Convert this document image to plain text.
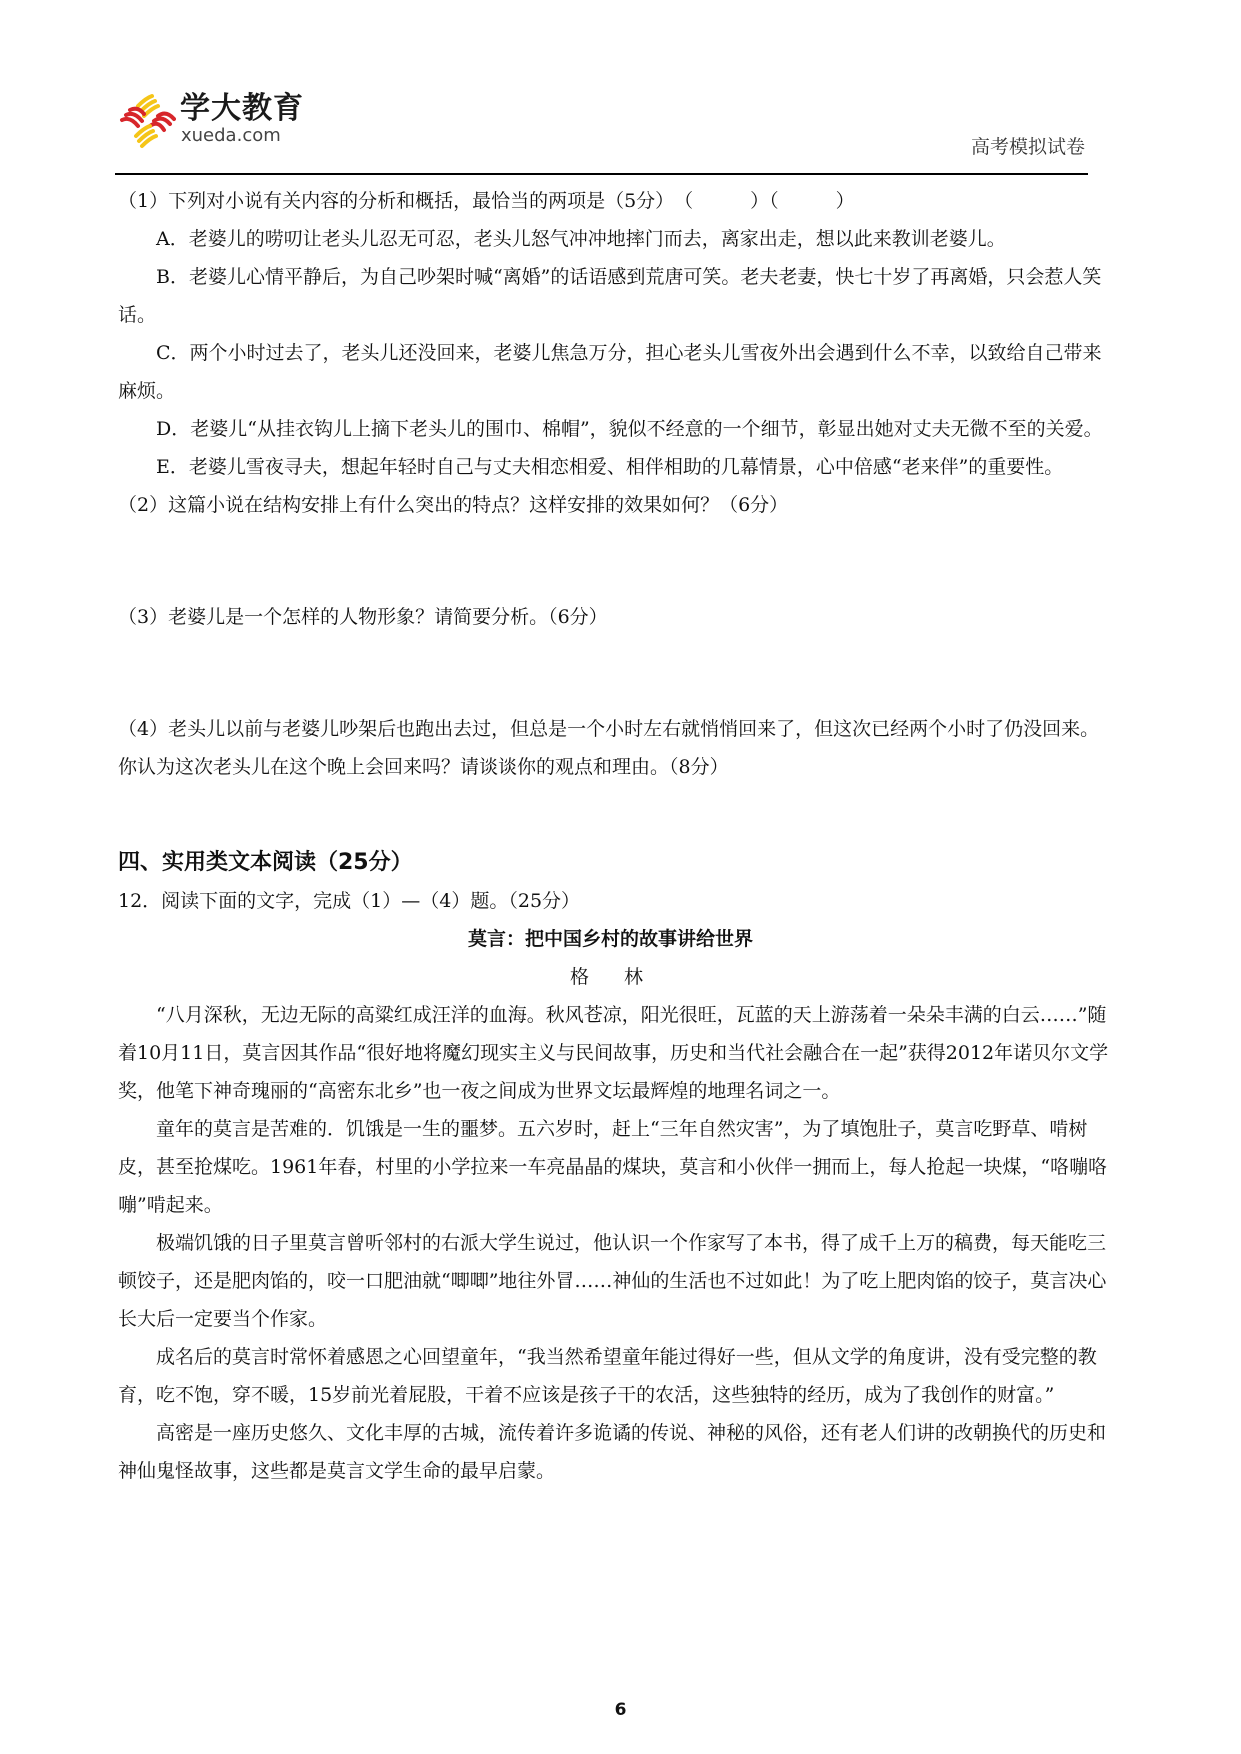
学大教育
xueda.com
高考模拟试卷

（1）下列对小说有关内容的分析和概括，最恰当的两项是（5分）　（　　　）（　　　）

A．老婆儿的唠叨让老头儿忍无可忍，老头儿怒气冲冲地摔门而去，离家出走，想以此来教训老婆儿。

B．老婆儿心情平静后，为自己吵架时喊“离婚”的话语感到荒唐可笑。老夫老妻，快七十岁了再离婚，只会惹人笑话。

C．两个小时过去了，老头儿还没回来，老婆儿焦急万分，担心老头儿雪夜外出会遇到什么不幸，以致给自己带来麻烦。

D．老婆儿“从挂衣钩儿上摘下老头儿的围巾、棉帽”，貌似不经意的一个细节，彰显出她对丈夫无微不至的关爱。

E．老婆儿雪夜寻夫，想起年轻时自己与丈夫相恋相爱、相伴相助的几幕情景，心中倍感“老来伴”的重要性。

（2）这篇小说在结构安排上有什么突出的特点？这样安排的效果如何？（6分）

（3）老婆儿是一个怎样的人物形象？请简要分析。（6分）

（4）老头儿以前与老婆儿吵架后也跑出去过，但总是一个小时左右就悄悄回来了，但这次已经两个小时了仍没回来。你认为这次老头儿在这个晚上会回来吗？请谈谈你的观点和理由。（8分）

四、实用类文本阅读（25分）

12．阅读下面的文字，完成（1）—（4）题。（25分）

莫言：把中国乡村的故事讲给世界

格　林

“八月深秋，无边无际的高粱红成汪洋的血海。秋风苍凉，阳光很旺，瓦蓝的天上游荡着一朵朵丰满的白云……”随着10月11日，莫言因其作品“很好地将魔幻现实主义与民间故事，历史和当代社会融合在一起”获得2012年诺贝尔文学奖，他笔下神奇瑰丽的“高密东北乡”也一夜之间成为世界文坛最辉煌的地理名词之一。

童年的莫言是苦难的．饥饿是一生的噩梦。五六岁时，赶上“三年自然灾害”，为了填饱肚子，莫言吃野草、啃树皮，甚至抢煤吃。1961年春，村里的小学拉来一车亮晶晶的煤块，莫言和小伙伴一拥而上，每人抢起一块煤，“咯嘣咯嘣”啃起来。

极端饥饿的日子里莫言曾听邻村的右派大学生说过，他认识一个作家写了本书，得了成千上万的稿费，每天能吃三顿饺子，还是肥肉馅的，咬一口肥油就“唧唧”地往外冒……神仙的生活也不过如此！为了吃上肥肉馅的饺子，莫言决心长大后一定要当个作家。

成名后的莫言时常怀着感恩之心回望童年，“我当然希望童年能过得好一些，但从文学的角度讲，没有受完整的教育，吃不饱，穿不暖，15岁前光着屁股，干着不应该是孩子干的农活，这些独特的经历，成为了我创作的财富。”

高密是一座历史悠久、文化丰厚的古城，流传着许多诡谲的传说、神秘的风俗，还有老人们讲的改朝换代的历史和神仙鬼怪故事，这些都是莫言文学生命的最早启蒙。

6
